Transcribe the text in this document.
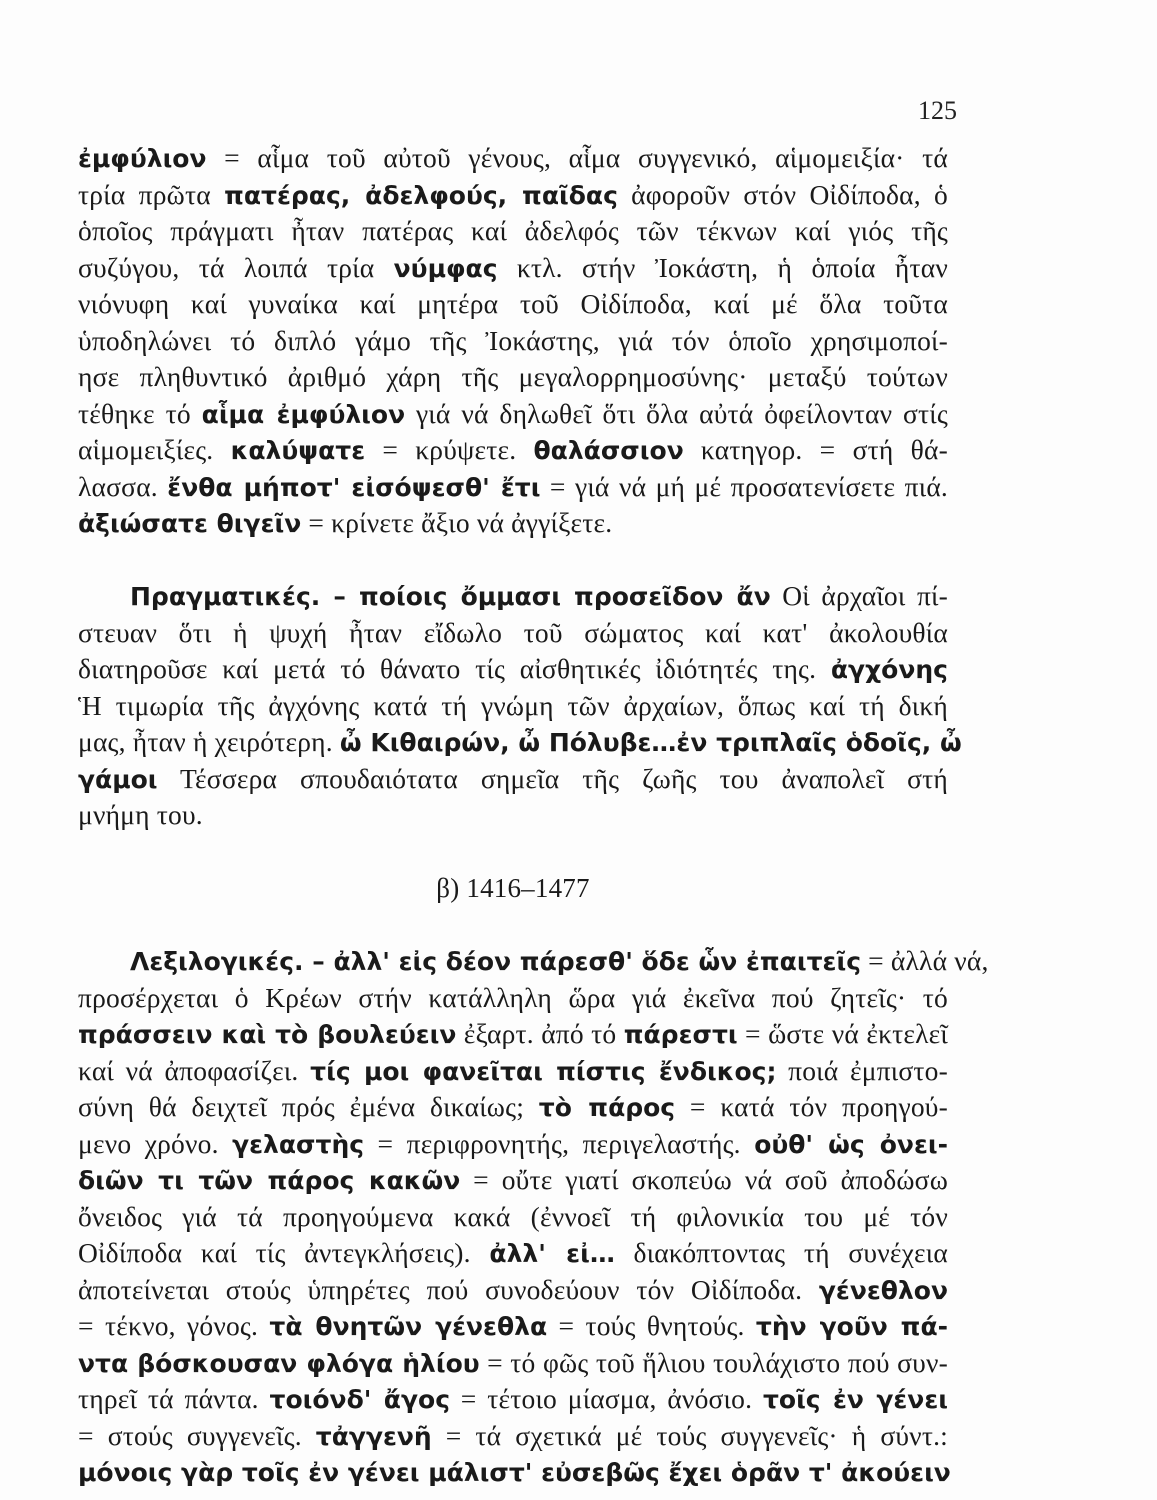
125
ἐμφύλιον = αἷμα τοῦ αὐτοῦ γένους, αἷμα συγγενικό, αἱμομειξία· τά
τρία πρῶτα πατέρας, ἀδελφούς, παῖδας ἀφοροῦν στόν Οἰδίποδα, ὁ
ὁποῖος πράγματι ἦταν πατέρας καί ἀδελφός τῶν τέκνων καί γιός τῆς
συζύγου, τά λοιπά τρία νύμφας κτλ. στήν Ἰοκάστη, ἡ ὁποία ἦταν
νιόνυφη καί γυναίκα καί μητέρα τοῦ Οἰδίποδα, καί μέ ὅλα τοῦτα
ὑποδηλώνει τό διπλό γάμο τῆς Ἰοκάστης, γιά τόν ὁποῖο χρησιμοποί-
ησε πληθυντικό ἀριθμό χάρη τῆς μεγαλορρημοσύνης· μεταξύ τούτων
τέθηκε τό αἷμα ἐμφύλιον γιά νά δηλωθεῖ ὅτι ὅλα αὐτά ὀφείλονταν στίς
αἱμομειξίες. καλύψατε = κρύψετε. θαλάσσιον κατηγορ. = στή θά-
λασσα. ἔνθα μήποτ' εἰσόψεσθ' ἔτι = γιά νά μή μέ προσατενίσετε πιά.
ἀξιώσατε θιγεῖν = κρίνετε ἄξιο νά ἀγγίξετε.
Πραγματικές. – ποίοις ὄμμασι προσεῖδον ἄν Οἱ ἀρχαῖοι πί-
στευαν ὅτι ἡ ψυχή ἦταν εἴδωλο τοῦ σώματος καί κατ' ἀκολουθία
διατηροῦσε καί μετά τό θάνατο τίς αἰσθητικές ἰδιότητές της. ἀγχόνης
Ἡ τιμωρία τῆς ἀγχόνης κατά τή γνώμη τῶν ἀρχαίων, ὅπως καί τή δική
μας, ἦταν ἡ χειρότερη. ὦ Κιθαιρών, ὦ Πόλυβε…ἐν τριπλαῖς ὁδοῖς, ὦ
γάμοι Τέσσερα σπουδαιότατα σημεῖα τῆς ζωῆς του ἀναπολεῖ στή
μνήμη του.
β) 1416–1477
Λεξιλογικές. – ἀλλ' εἰς δέον πάρεσθ' ὅδε ὧν ἐπαιτεῖς = ἀλλά νά,
προσέρχεται ὁ Κρέων στήν κατάλληλη ὥρα γιά ἐκεῖνα πού ζητεῖς· τό
πράσσειν καὶ τὸ βουλεύειν ἐξαρτ. ἀπό τό πάρεστι = ὥστε νά ἐκτελεῖ
καί νά ἀποφασίζει. τίς μοι φανεῖται πίστις ἔνδικος; ποιά ἐμπιστο-
σύνη θά δειχτεῖ πρός ἐμένα δικαίως; τὸ πάρος = κατά τόν προηγού-
μενο χρόνο. γελαστὴς = περιφρονητής, περιγελαστής. οὐθ' ὡς ὀνει-
διῶν τι τῶν πάρος κακῶν = οὔτε γιατί σκοπεύω νά σοῦ ἀποδώσω
ὄνειδος γιά τά προηγούμενα κακά (ἐννοεῖ τή φιλονικία του μέ τόν
Οἰδίποδα καί τίς ἀντεγκλήσεις). ἀλλ' εἰ… διακόπτοντας τή συνέχεια
ἀποτείνεται στούς ὑπηρέτες πού συνοδεύουν τόν Οἰδίποδα. γένεθλον
= τέκνο, γόνος. τὰ θνητῶν γένεθλα = τούς θνητούς. τὴν γοῦν πά-
ντα βόσκουσαν φλόγα ἡλίου = τό φῶς τοῦ ἥλιου τουλάχιστο πού συν-
τηρεῖ τά πάντα. τοιόνδ' ἄγος = τέτοιο μίασμα, ἀνόσιο. τοῖς ἐν γένει
= στούς συγγενεῖς. τἀγγενῆ = τά σχετικά μέ τούς συγγενεῖς· ἡ σύντ.:
μόνοις γὰρ τοῖς ἐν γένει μάλιστ' εὐσεβῶς ἔχει ὁρᾶν τ' ἀκούειν
